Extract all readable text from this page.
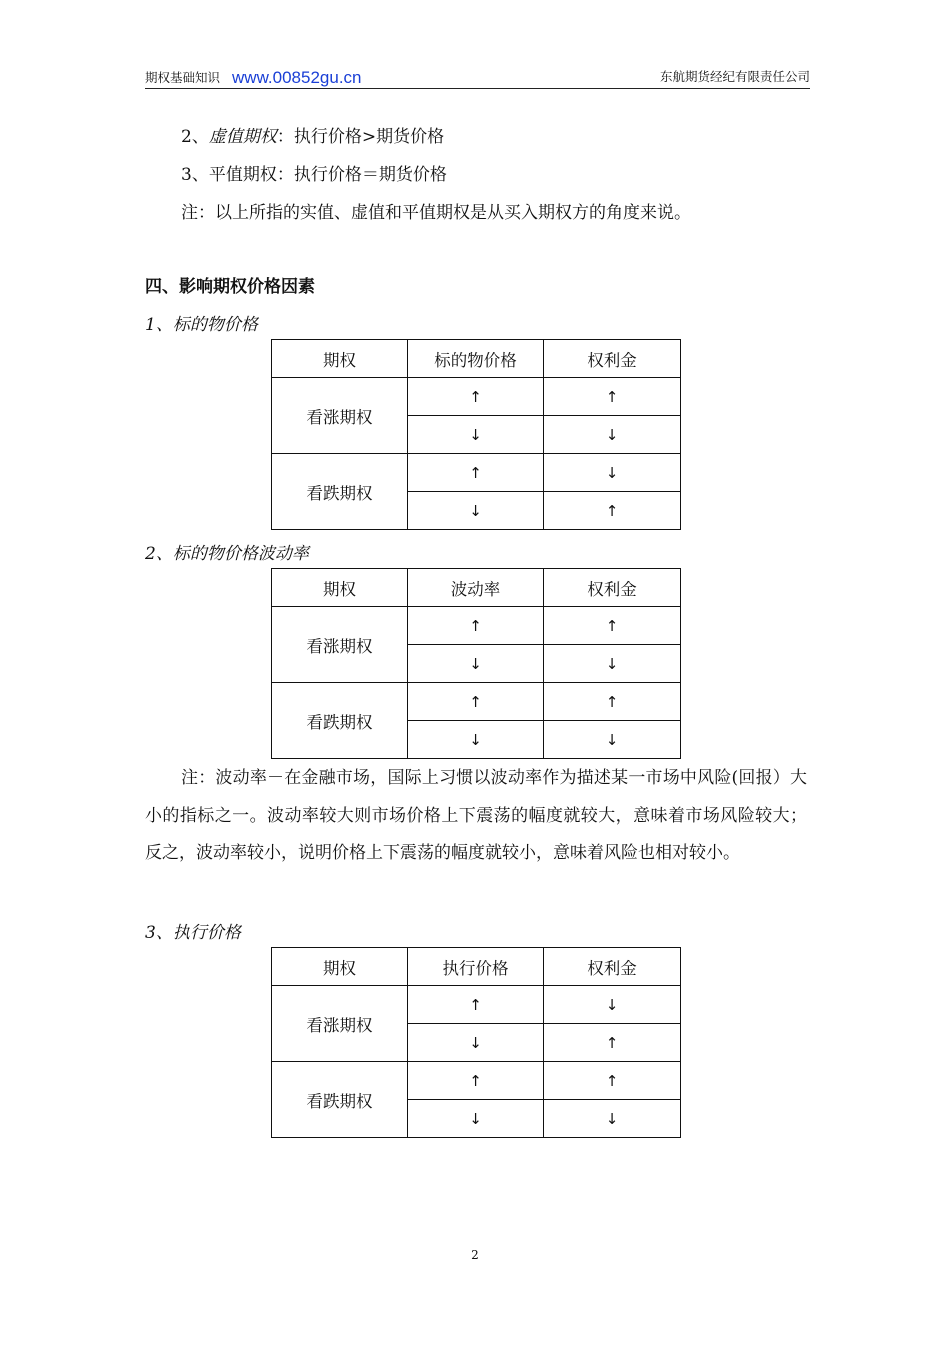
期权基础知识 www.00852gu.cn	东航期货经纪有限责任公司
2、虚值期权：执行价格>期货价格
3、平值期权：执行价格＝期货价格
注：以上所指的实值、虚值和平值期权是从买入期权方的角度来说。
四、影响期权价格因素
1、标的物价格
期权	标的物价格	权利金
看涨期权	↑	↑
	↓	↓
看跌期权	↑	↓
	↓	↑
2、标的物价格波动率
期权	波动率	权利金
看涨期权	↑	↑
	↓	↓
看跌期权	↑	↑
	↓	↓
注：波动率－在金融市场，国际上习惯以波动率作为描述某一市场中风险(回报）大小的指标之一。波动率较大则市场价格上下震荡的幅度就较大，意味着市场风险较大；反之，波动率较小，说明价格上下震荡的幅度就较小，意味着风险也相对较小。
3、执行价格
期权	执行价格	权利金
看涨期权	↑	↓
	↓	↑
看跌期权	↑	↑
	↓	↓
2
